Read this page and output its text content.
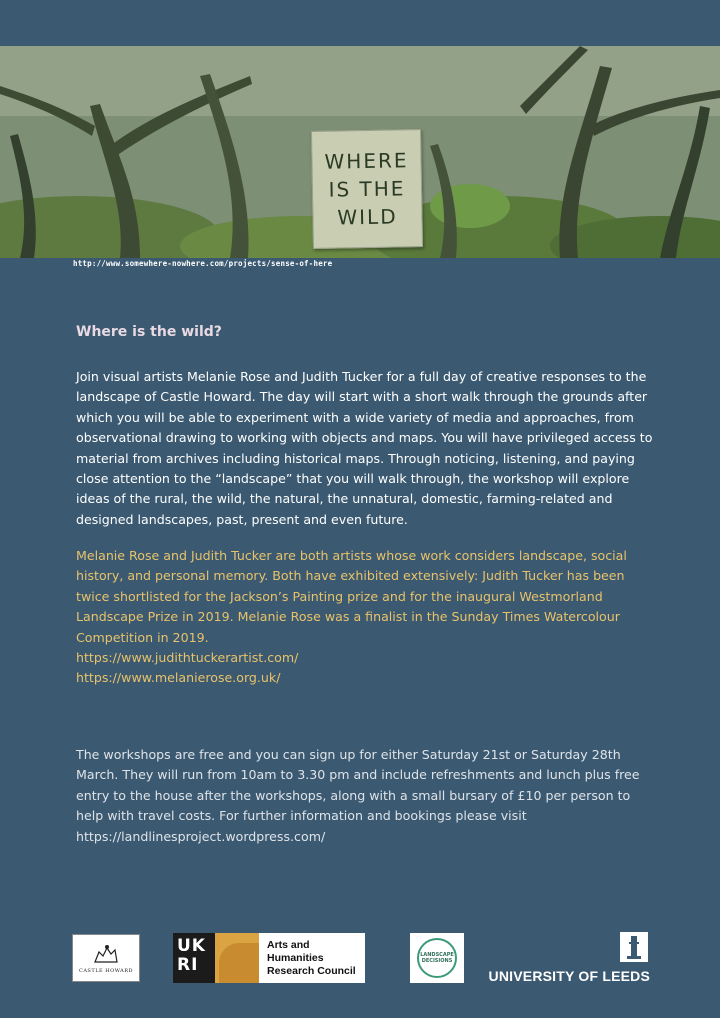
WHERE
IS THE
WILD
http://www.somewhere-nowhere.com/projects/sense-of-here
Where is the wild?
Join visual artists Melanie Rose and Judith Tucker for a full day of creative responses to the landscape of Castle Howard. The day will start with a short walk through the grounds after which you will be able to experiment with a wide variety of media and approaches, from observational drawing to working with objects and maps. You will have privileged access to material from archives including historical maps. Through noticing, listening, and paying close attention to the “landscape” that you will walk through, the workshop will explore ideas of the rural, the wild, the natural, the unnatural, domestic, farming-related and designed landscapes, past, present and even future.
Melanie Rose and Judith Tucker are both artists whose work considers landscape, social history, and personal memory. Both have exhibited extensively: Judith Tucker has been twice shortlisted for the Jackson’s Painting prize and for the inaugural Westmorland Landscape Prize in 2019. Melanie Rose was a finalist in the Sunday Times Watercolour Competition in 2019.
https://www.judithtuckerartist.com/
https://www.melanierose.org.uk/
The workshops are free and you can sign up for either Saturday 21st or Saturday 28th March. They will run from 10am to 3.30 pm and include refreshments and lunch plus free entry to the house after the workshops, along with a small bursary of £10 per person to help with travel costs. For further information and bookings please visit
https://landlinesproject.wordpress.com/
CASTLE HOWARD
UK
RI
Arts and
Humanities
Research Council
LANDSCAPE DECISIONS
UNIVERSITY OF LEEDS
